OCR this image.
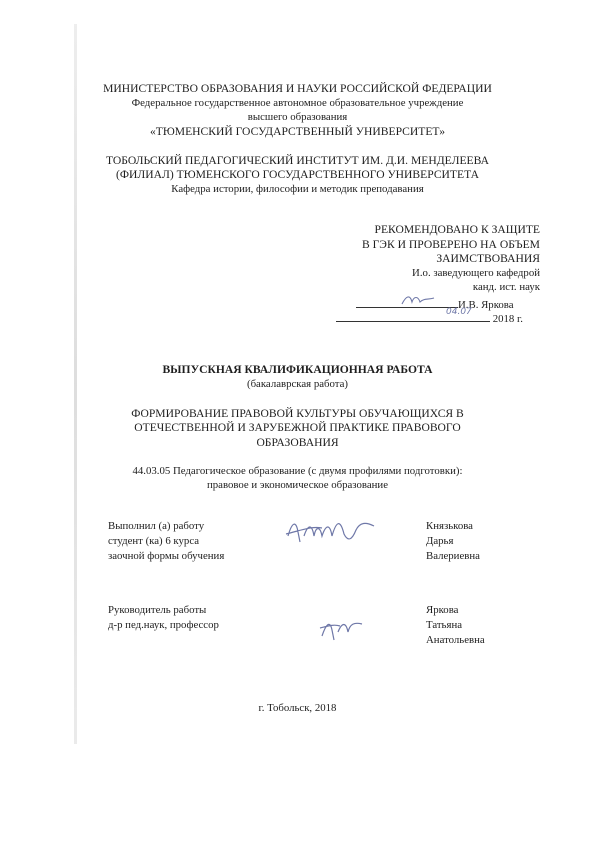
МИНИСТЕРСТВО ОБРАЗОВАНИЯ И НАУКИ РОССИЙСКОЙ ФЕДЕРАЦИИ
Федеральное государственное автономное образовательное учреждение
высшего образования
«ТЮМЕНСКИЙ ГОСУДАРСТВЕННЫЙ УНИВЕРСИТЕТ»
ТОБОЛЬСКИЙ ПЕДАГОГИЧЕСКИЙ ИНСТИТУТ ИМ. Д.И. МЕНДЕЛЕЕВА
(ФИЛИАЛ) ТЮМЕНСКОГО ГОСУДАРСТВЕННОГО УНИВЕРСИТЕТА
Кафедра истории, философии и методик преподавания
РЕКОМЕНДОВАНО К ЗАЩИТЕ
В ГЭК И ПРОВЕРЕНО НА ОБЪЕМ
ЗАИМСТВОВАНИЯ
И.о. заведующего кафедрой
канд. ист. наук
И.В. Яркова
04.07
2018 г.
ВЫПУСКНАЯ КВАЛИФИКАЦИОННАЯ РАБОТА
(бакалаврская работа)
ФОРМИРОВАНИЕ ПРАВОВОЙ КУЛЬТУРЫ ОБУЧАЮЩИХСЯ В
ОТЕЧЕСТВЕННОЙ И ЗАРУБЕЖНОЙ ПРАКТИКЕ ПРАВОВОГО
ОБРАЗОВАНИЯ
44.03.05 Педагогическое образование (с двумя профилями подготовки):
правовое и экономическое образование
Выполнил (а) работу
студент (ка) 6 курса
заочной формы обучения
Князькова
Дарья
Валериевна
Руководитель работы
д-р пед.наук, профессор
Яркова
Татьяна
Анатольевна
г. Тобольск, 2018
